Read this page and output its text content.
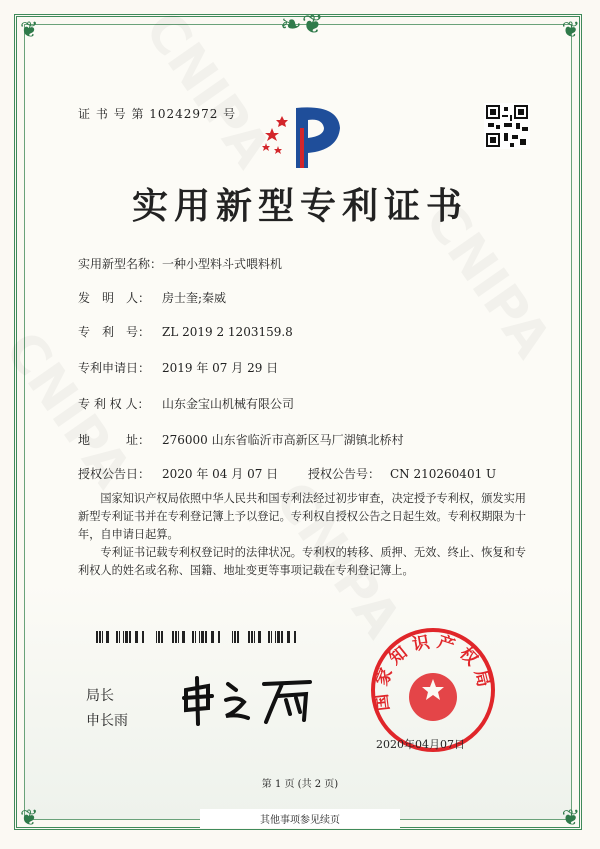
❦	❦
❦	❦
❧❦
证 书 号 第 10242972 号
实用新型专利证书
实用新型名称：一种小型料斗式喂料机
发　明　人： 房士奎;秦威
专　利　号： ZL 2019 2 1203159.8
专利申请日： 2019 年 07 月 29 日
专 利 权 人： 山东金宝山机械有限公司
地　　　址： 276000 山东省临沂市高新区马厂湖镇北桥村
授权公告日： 2020 年 04 月 07 日 授权公告号： CN 210260401 U

国家知识产权局依照中华人民共和国专利法经过初步审查，决定授予专利权，颁发实用新型专利证书并在专利登记簿上予以登记。专利权自授权公告之日起生效。专利权期限为十年，自申请日起算。

专利证书记载专利权登记时的法律状况。专利权的转移、质押、无效、终止、恢复和专利权人的姓名或名称、国籍、地址变更等事项记载在专利登记簿上。

局长
申长雨
国家知识产权局
2020年04月07日
第 1 页 (共 2 页)
其他事项参见续页
